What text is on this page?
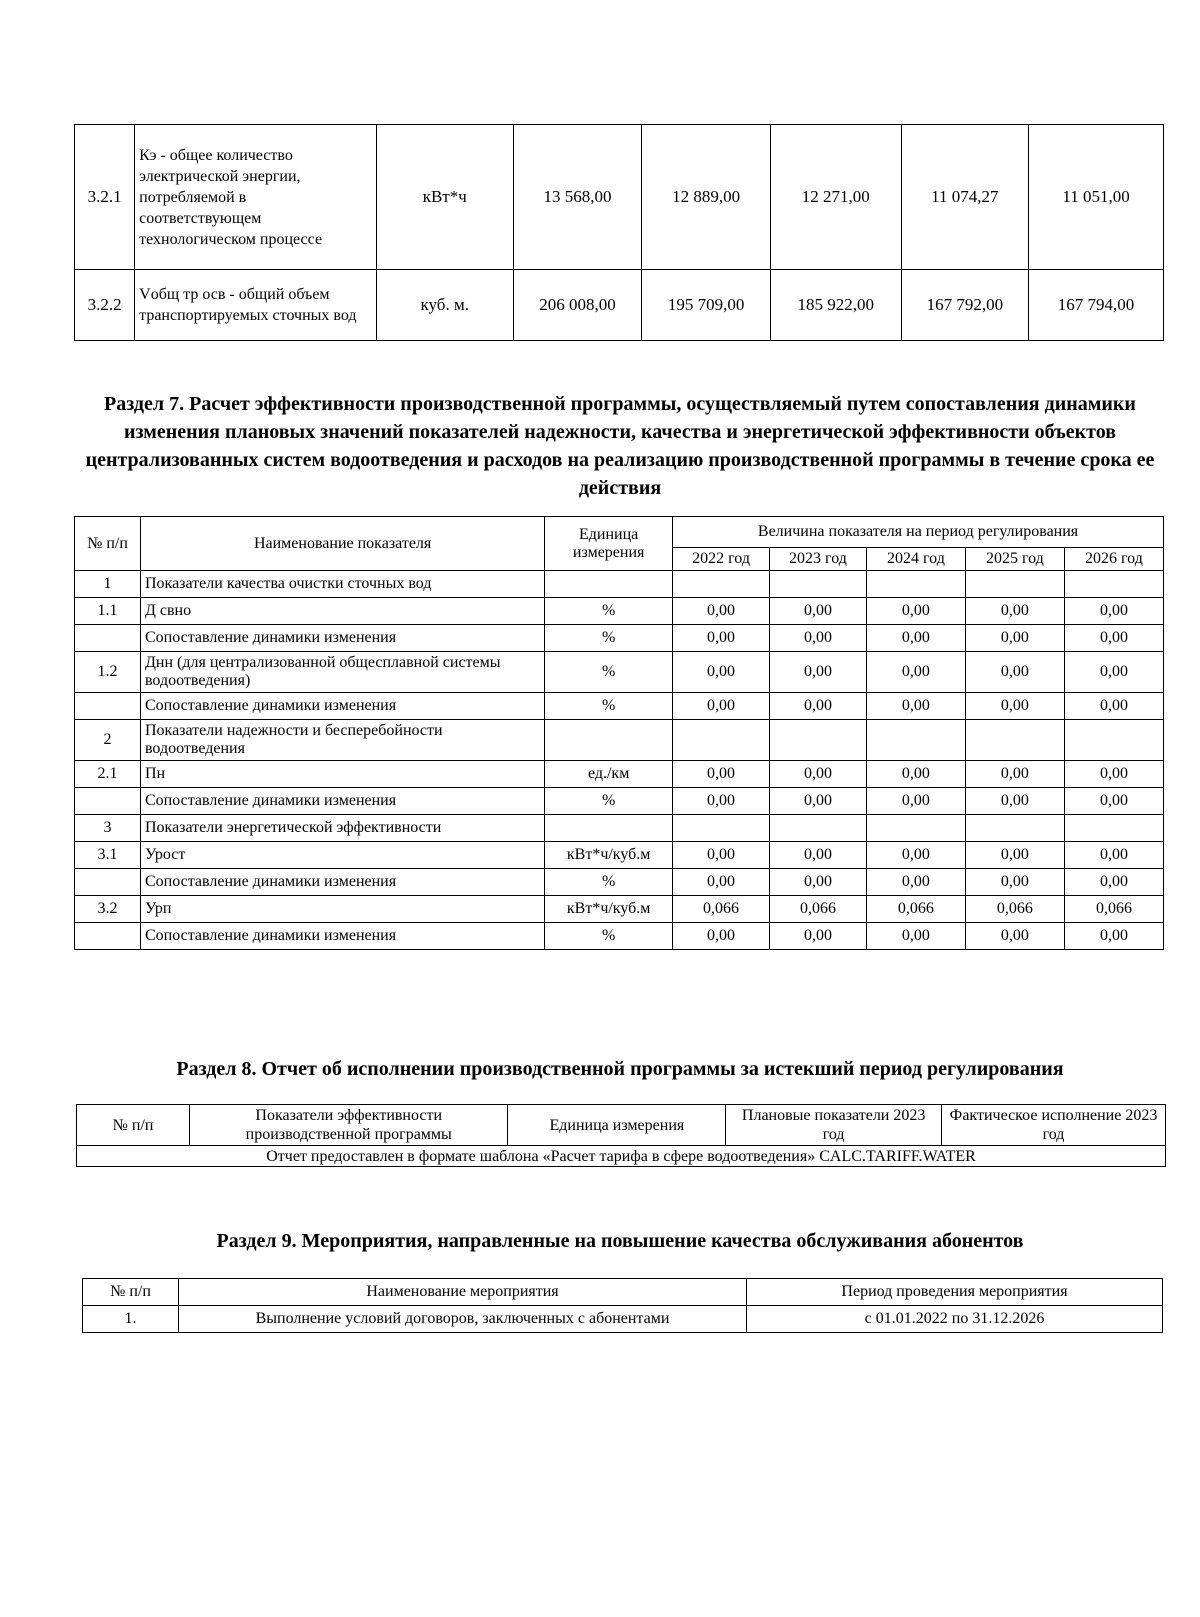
3.2.1	Кэ - общее количество электрической энергии, потребляемой в соответствующем технологическом процессе	кВт*ч	13 568,00	12 889,00	12 271,00	11 074,27	11 051,00
3.2.2	Vобщ тр осв - общий объем транспортируемых сточных вод	куб. м.	206 008,00	195 709,00	185 922,00	167 792,00	167 794,00
Раздел 7. Расчет эффективности производственной программы, осуществляемый путем сопоставления динамики изменения плановых значений показателей надежности, качества и энергетической эффективности объектов централизованных систем водоотведения и расходов на реализацию производственной программы в течение срока ее действия
№ п/п	Наименование показателя	Единица измерения	Величина показателя на период регулирования				
			2022 год	2023 год	2024 год	2025 год	2026 год
1	Показатели качества очистки сточных вод						
1.1	Д свно	%	0,00	0,00	0,00	0,00	0,00
	Сопоставление динамики изменения	%	0,00	0,00	0,00	0,00	0,00
1.2	Днн (для централизованной общесплавной системы водоотведения)	%	0,00	0,00	0,00	0,00	0,00
	Сопоставление динамики изменения	%	0,00	0,00	0,00	0,00	0,00
2	Показатели надежности и бесперебойности водоотведения						
2.1	Пн	ед./км	0,00	0,00	0,00	0,00	0,00
	Сопоставление динамики изменения	%	0,00	0,00	0,00	0,00	0,00
3	Показатели энергетической эффективности						
3.1	Урост	кВт*ч/куб.м	0,00	0,00	0,00	0,00	0,00
	Сопоставление динамики изменения	%	0,00	0,00	0,00	0,00	0,00
3.2	Урп	кВт*ч/куб.м	0,066	0,066	0,066	0,066	0,066
	Сопоставление динамики изменения	%	0,00	0,00	0,00	0,00	0,00
Раздел 8. Отчет об исполнении производственной программы за истекший период регулирования
№ п/п	Показатели эффективности производственной программы	Единица измерения	Плановые показатели 2023 год	Фактическое исполнение 2023 год
Отчет предоставлен в формате шаблона «Расчет тарифа в сфере водоотведения» CALC.TARIFF.WATER
Раздел 9. Мероприятия, направленные на повышение качества обслуживания абонентов
№ п/п	Наименование мероприятия	Период проведения мероприятия
1.	Выполнение условий договоров, заключенных с абонентами	с 01.01.2022 по 31.12.2026
